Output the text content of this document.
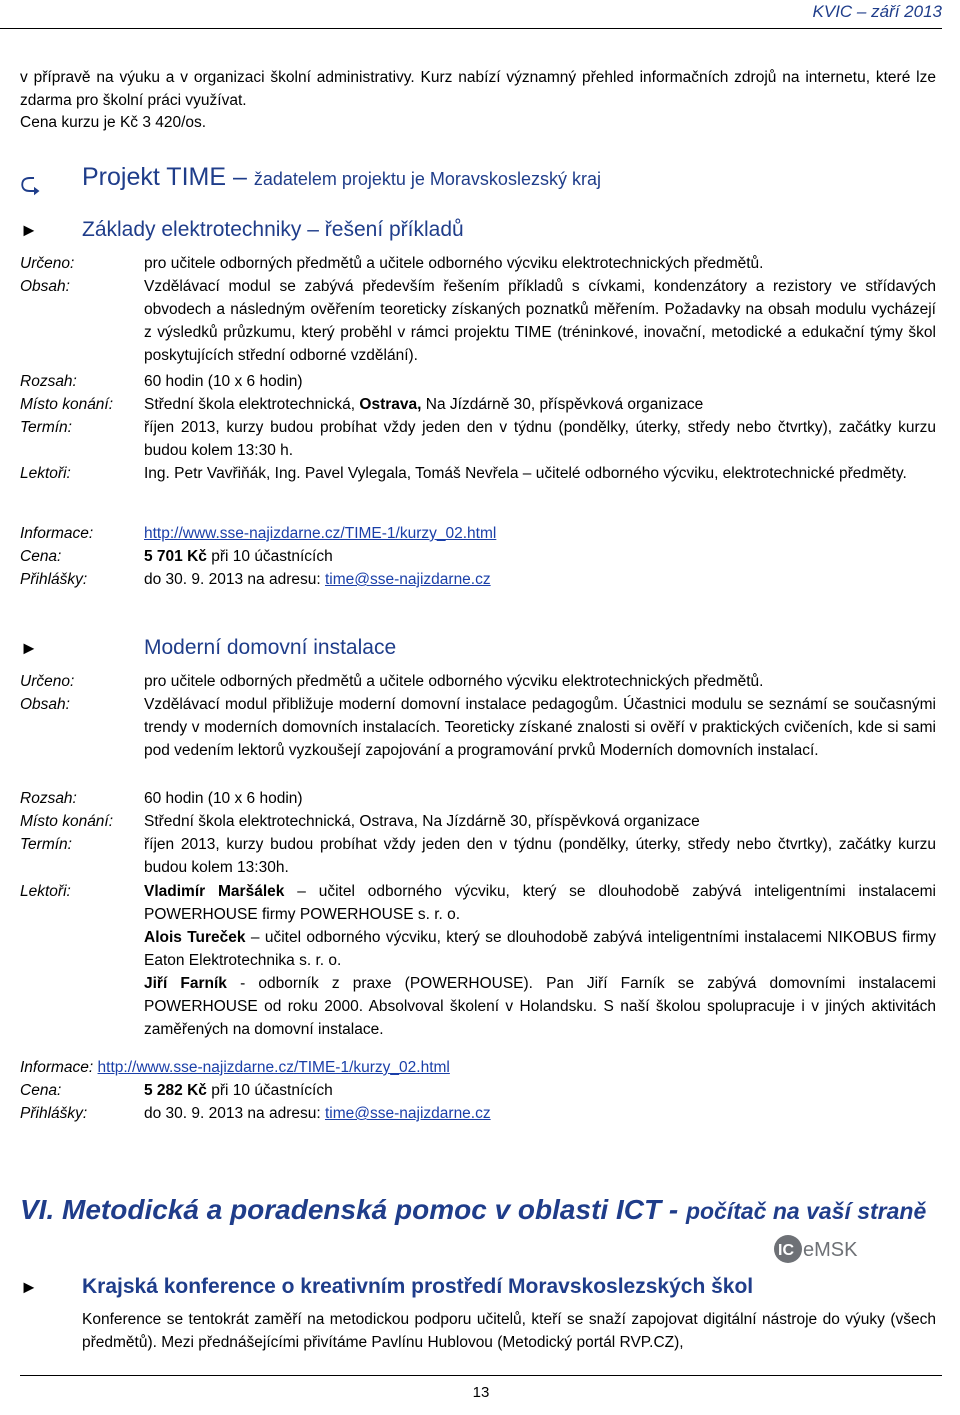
KVIC – září 2013

v přípravě na výuku a v organizaci školní administrativy. Kurz nabízí významný přehled informačních zdrojů na internetu, které lze zdarma pro školní práci využívat.

Cena kurzu je Kč 3 420/os.

⮎ Projekt TIME – žadatelem projektu je Moravskoslezský kraj
► Základy elektrotechniky – řešení příkladů
Určeno:	pro učitele odborných předmětů a učitele odborného výcviku elektrotechnických předmětů.
Obsah:	Vzdělávací modul se zabývá především řešením příkladů s cívkami, kondenzátory a rezistory ve střídavých obvodech a následným ověřením teoreticky získaných poznatků měřením. Požadavky na obsah modulu vycházejí z výsledků průzkumu, který proběhl v rámci projektu TIME (tréninkové, inovační, metodické a edukační týmy škol poskytujících střední odborné vzdělání).
Rozsah:	60 hodin (10 x 6 hodin)
Místo konání:	Střední škola elektrotechnická, Ostrava, Na Jízdárně 30, příspěvková organizace
Termín:	říjen 2013, kurzy budou probíhat vždy jeden den v týdnu (pondělky, úterky, středy nebo čtvrtky), začátky kurzu budou kolem 13:30 h.
Lektoři:	Ing. Petr Vavřiňák, Ing. Pavel Vylegala, Tomáš Nevřela – učitelé odborného výcviku, elektrotechnické předměty.
Informace:	http://www.sse-najizdarne.cz/TIME-1/kurzy_02.html
Cena:	5 701 Kč při 10 účastnících
Přihlášky:	do 30. 9. 2013 na adresu: time@sse-najizdarne.cz
►	Moderní domovní instalace
Určeno:	pro učitele odborných předmětů a učitele odborného výcviku elektrotechnických předmětů.
Obsah:	Vzdělávací modul přibližuje moderní domovní instalace pedagogům. Účastnici modulu se seznámí se současnými trendy v moderních domovních instalacích. Teoreticky získané znalosti si ověří v praktických cvičeních, kde si sami pod vedením lektorů vyzkoušejí zapojování a programování prvků Moderních domovních instalací.
Rozsah:	60 hodin (10 x 6 hodin)
Místo konání:	Střední škola elektrotechnická, Ostrava, Na Jízdárně 30, příspěvková organizace
Termín:	říjen 2013, kurzy budou probíhat vždy jeden den v týdnu (pondělky, úterky, středy nebo čtvrtky), začátky kurzu budou kolem 13:30h.
Lektoři:	Vladimír Maršálek – učitel odborného výcviku, který se dlouhodobě zabývá inteligentními instalacemi POWERHOUSE firmy POWERHOUSE s. r. o.
Alois Tureček – učitel odborného výcviku, který se dlouhodobě zabývá inteligentními instalacemi NIKOBUS firmy Eaton Elektrotechnika s. r. o.
Jiří Farník - odborník z praxe (POWERHOUSE). Pan Jiří Farník se zabývá domovními instalacemi POWERHOUSE od roku 2000. Absolvoval školení v Holandsku. S naší školou spolupracuje i v jiných aktivitách zaměřených na domovní instalace.
Informace: http://www.sse-najizdarne.cz/TIME-1/kurzy_02.html
Cena:	5 282 Kč při 10 účastnících
Přihlášky:	do 30. 9. 2013 na adresu: time@sse-najizdarne.cz
VI. Metodická a poradenská pomoc v oblasti ICT - počítač na vaší straně
IC eMSK
► Krajská konference o kreativním prostředí Moravskoslezských škol

Konference se tentokrát zaměří na metodickou podporu učitelů, kteří se snaží zapojovat digitální nástroje do výuky (všech předmětů). Mezi přednášejícími přivítáme Pavlínu Hublovou (Metodický portál RVP.CZ),

13
